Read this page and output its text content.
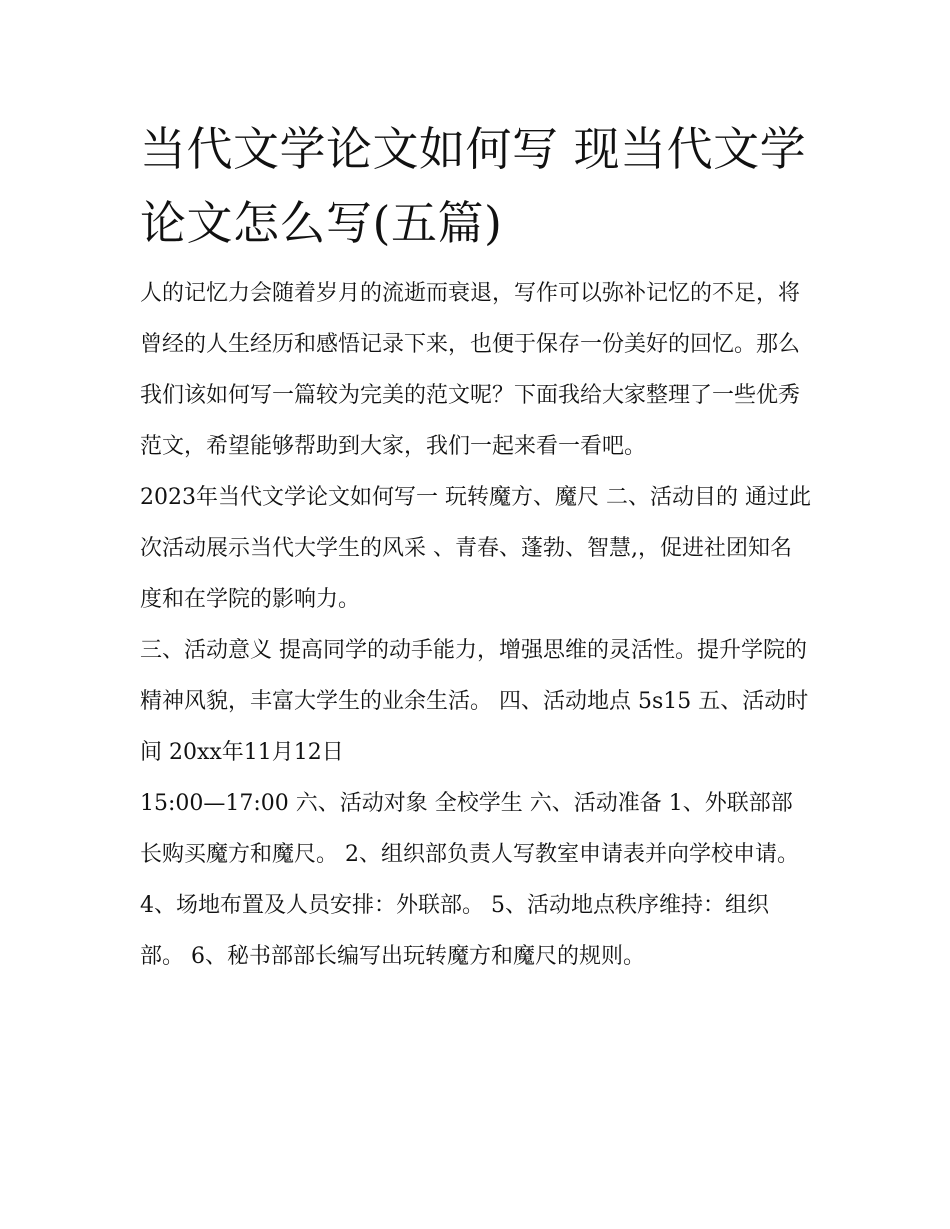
当代文学论文如何写 现当代文学论文怎么写(五篇)

人的记忆力会随着岁月的流逝而衰退，写作可以弥补记忆的不足，将曾经的人生经历和感悟记录下来，也便于保存一份美好的回忆。那么我们该如何写一篇较为完美的范文呢？下面我给大家整理了一些优秀范文，希望能够帮助到大家，我们一起来看一看吧。

2023年当代文学论文如何写一 玩转魔方、魔尺 二、活动目的 通过此次活动展示当代大学生的风采 、青春、蓬勃、智慧,，促进社团知名度和在学院的影响力。

三、活动意义 提高同学的动手能力，增强思维的灵活性。提升学院的精神风貌，丰富大学生的业余生活。 四、活动地点 5s15 五、活动时间 20xx年11月12日

15:00—17:00 六、活动对象 全校学生 六、活动准备 1、外联部部长购买魔方和魔尺。 2、组织部负责人写教室申请表并向学校申请。

4、场地布置及人员安排：外联部。 5、活动地点秩序维持：组织部。 6、秘书部部长编写出玩转魔方和魔尺的规则。
